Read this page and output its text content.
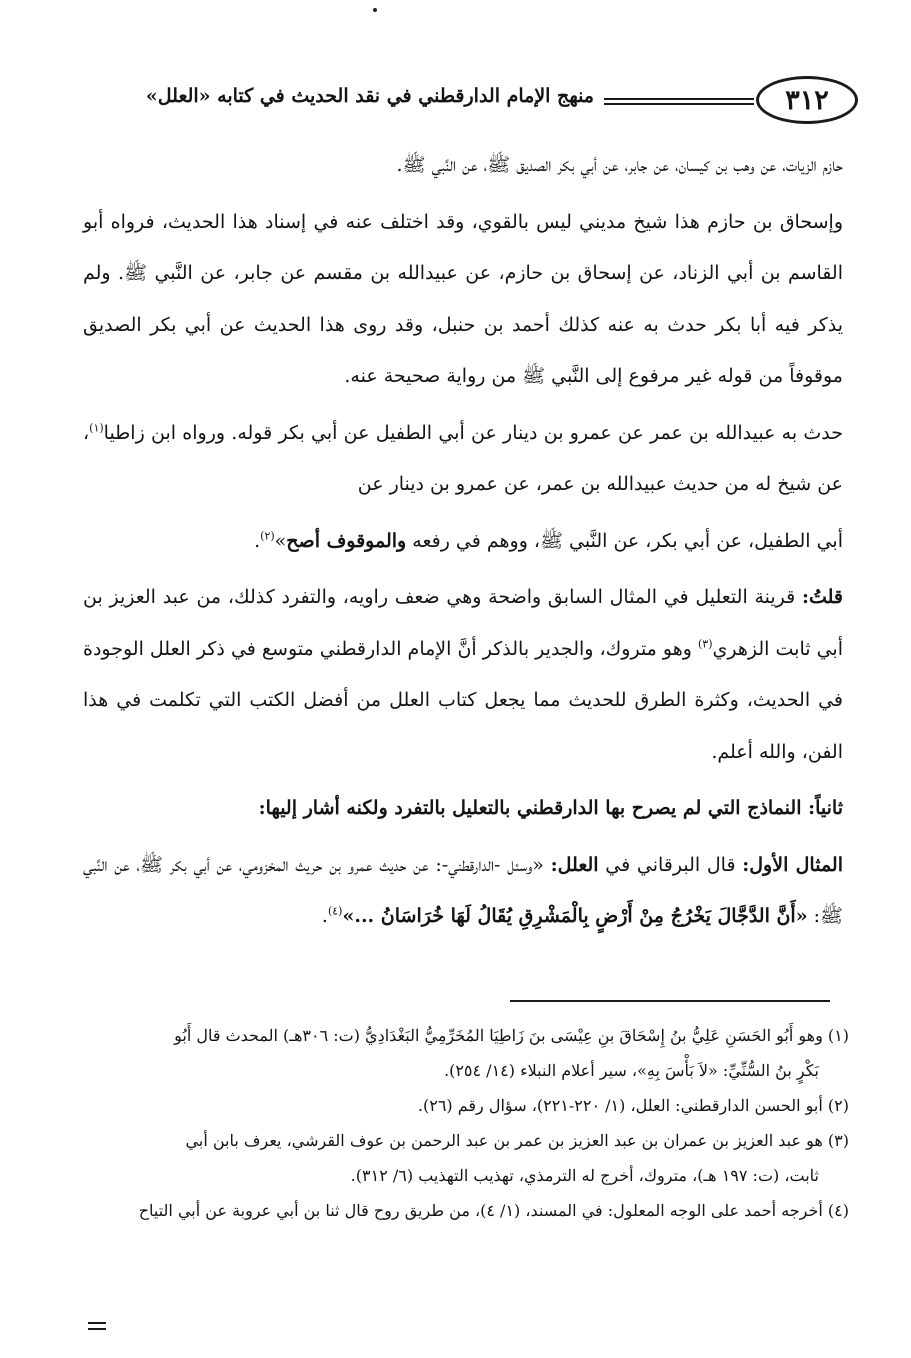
٣١٢
منهج الإمام الدارقطني في نقد الحديث في كتابه «العلل»

حازم الزيات، عن وهب بن كيسان، عن جابر، عن أبي بكر الصديق ﷺ، عن النَّبي ﷺ.

وإسحاق بن حازم هذا شيخ مديني ليس بالقوي، وقد اختلف عنه في إسناد هذا الحديث، فرواه أبو القاسم بن أبي الزناد، عن إسحاق بن حازم، عن عبيدالله بن مقسم عن جابر، عن النَّبي ﷺ. ولم يذكر فيه أبا بكر حدث به عنه كذلك أحمد بن حنبل، وقد روى هذا الحديث عن أبي بكر الصديق موقوفاً من قوله غير مرفوع إلى النَّبي ﷺ من رواية صحيحة عنه.

حدث به عبيدالله بن عمر عن عمرو بن دينار عن أبي الطفيل عن أبي بكر قوله. ورواه ابن زاطيا$^{(١)}$، عن شيخ له من حديث عبيدالله بن عمر، عن عمرو بن دينار عن

أبي الطفيل، عن أبي بكر، عن النَّبي ﷺ، ووهم في رفعه والموقوف أصح»$^{(٢)}$.

قلتُ: قرينة التعليل في المثال السابق واضحة وهي ضعف راويه، والتفرد كذلك، من عبد العزيز بن أبي ثابت الزهري$^{(٣)}$ وهو متروك، والجدير بالذكر أنَّ الإمام الدارقطني متوسع في ذكر العلل الوجودة في الحديث، وكثرة الطرق للحديث مما يجعل كتاب العلل من أفضل الكتب التي تكلمت في هذا الفن، والله أعلم.

ثانياً: النماذج التي لم يصرح بها الدارقطني بالتعليل بالتفرد ولكنه أشار إليها:

المثال الأول: قال البرقاني في العلل: «وسئل -الدارقطني-: عن حديث عمرو بن حريث المخزومي، عن أبي بكر ﷺ، عن النَّبي ﷺ: «أَنَّ الدَّجَّالَ يَخْرُجُ مِنْ أَرْضٍ بِالْمَشْرِقِ يُقَالُ لَهَا خُرَاسَانُ ...»$^{(٤)}$.

(١) وهو أَبُو الحَسَنِ عَلِيُّ بنُ إِسْحَاقَ بنِ عِيْسَى بنَ زَاطِيَا المُخَرِّمِيُّ البَغْدَادِيُّ (ت: ٣٠٦هـ) المحدث قال أَبُو
بَكْرٍ بنُ السُّنِّيِّ: «لاَ بَأْسَ بِهِ»، سير أعلام النبلاء (١٤/ ٢٥٤).

(٢) أبو الحسن الدارقطني: العلل، (١/ ٢٢٠-٢٢١)، سؤال رقم (٢٦).

(٣) هو عبد العزيز بن عمران بن عبد العزيز بن عمر بن عبد الرحمن بن عوف القرشي، يعرف بابن أبي
ثابت، (ت: ١٩٧ هـ)، متروك، أخرج له الترمذي، تهذيب التهذيب (٦/ ٣١٢).

(٤) أخرجه أحمد على الوجه المعلول: في المسند، (١/ ٤)، من طريق روح قال ثنا بن أبي عروبة عن أبي التياح
